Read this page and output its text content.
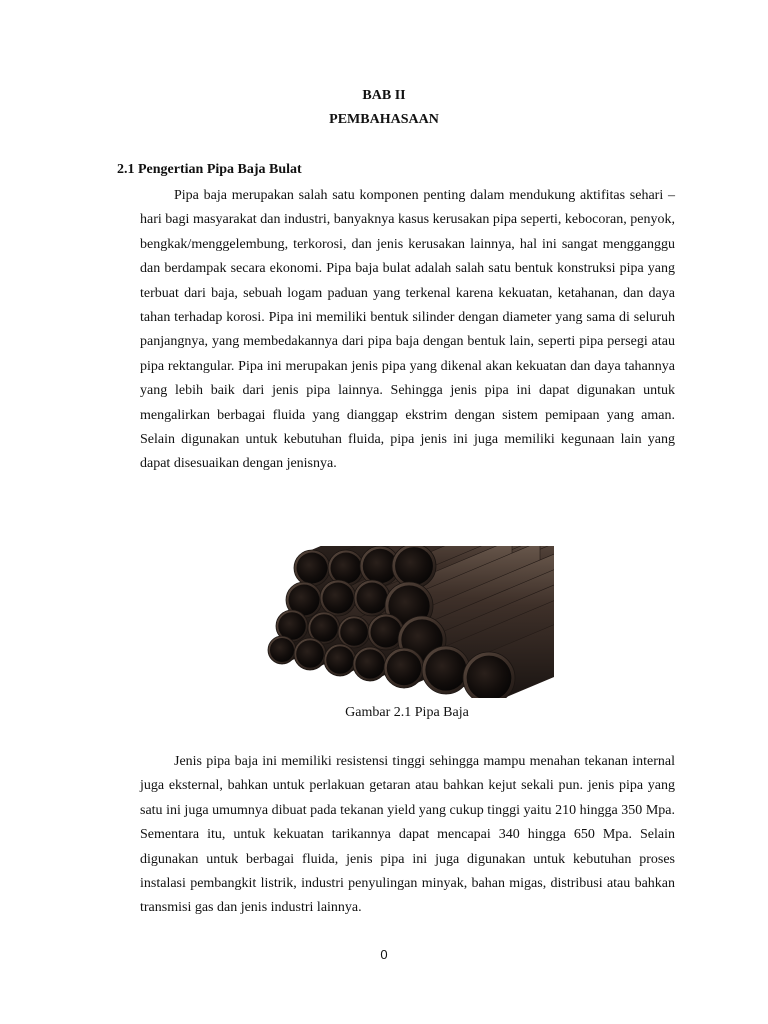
BAB II
PEMBAHASAAN
2.1 Pengertian Pipa Baja Bulat

Pipa baja merupakan salah satu komponen penting dalam mendukung aktifitas sehari – hari bagi masyarakat dan industri, banyaknya kasus kerusakan pipa seperti, kebocoran, penyok, bengkak/menggelembung, terkorosi, dan jenis kerusakan lainnya, hal ini sangat mengganggu dan berdampak secara ekonomi. Pipa baja bulat adalah salah satu bentuk konstruksi pipa yang terbuat dari baja, sebuah logam paduan yang terkenal karena kekuatan, ketahanan, dan daya tahan terhadap korosi. Pipa ini memiliki bentuk silinder dengan diameter yang sama di seluruh panjangnya, yang membedakannya dari pipa baja dengan bentuk lain, seperti pipa persegi atau pipa rektangular. Pipa ini merupakan jenis pipa yang dikenal akan kekuatan dan daya tahannya yang lebih baik dari jenis pipa lainnya. Sehingga jenis pipa ini dapat digunakan untuk mengalirkan berbagai fluida yang dianggap ekstrim dengan sistem pemipaan yang aman. Selain digunakan untuk kebutuhan fluida, pipa jenis ini juga memiliki kegunaan lain yang dapat disesuaikan dengan jenisnya.

Gambar 2.1 Pipa Baja

Jenis pipa baja ini memiliki resistensi tinggi sehingga mampu menahan tekanan internal juga eksternal, bahkan untuk perlakuan getaran atau bahkan kejut sekali pun. jenis pipa yang satu ini juga umumnya dibuat pada tekanan yield yang cukup tinggi yaitu 210 hingga 350 Mpa. Sementara itu, untuk kekuatan tarikannya dapat mencapai 340 hingga 650 Mpa. Selain digunakan untuk berbagai fluida, jenis pipa ini juga digunakan untuk kebutuhan proses instalasi pembangkit listrik, industri penyulingan minyak, bahan migas, distribusi atau bahkan transmisi gas dan jenis industri lainnya.

0
